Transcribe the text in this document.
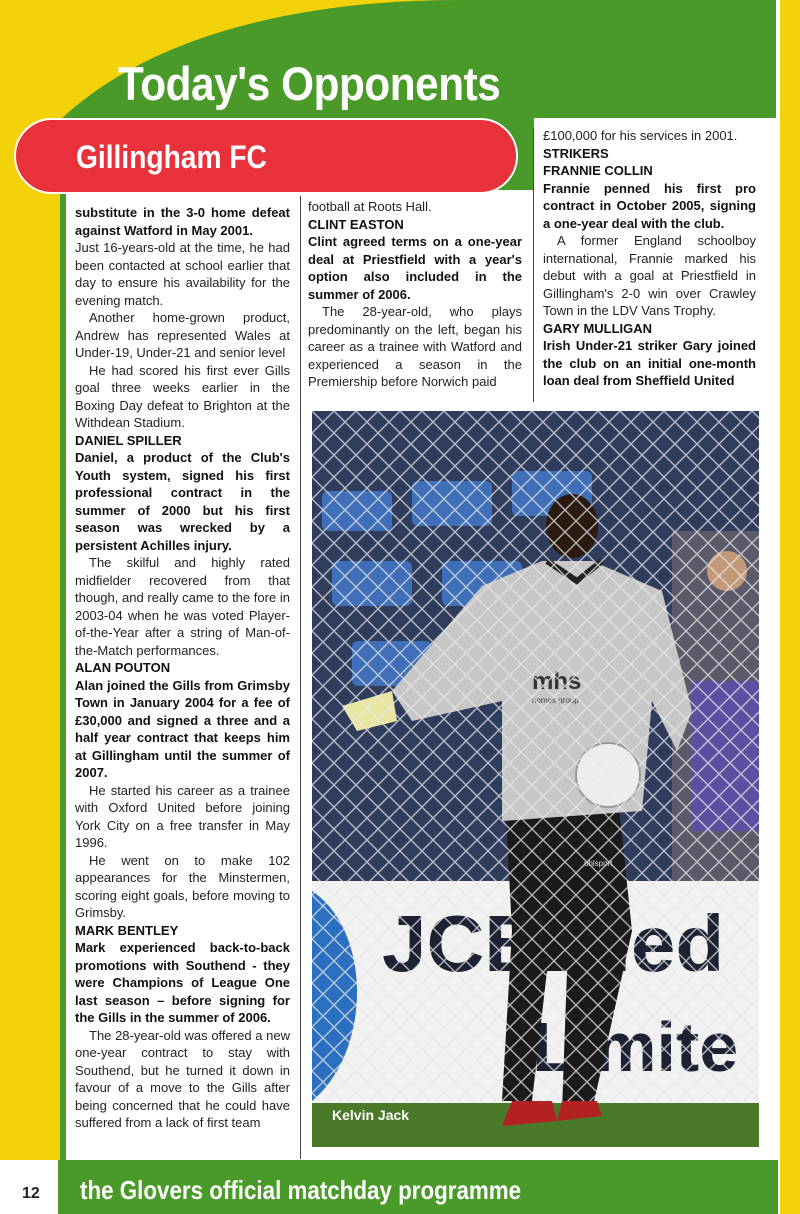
Today's Opponents
Gillingham FC

substitute in the 3-0 home defeat against Watford in May 2001.

Just 16-years-old at the time, he had been contacted at school earlier that day to ensure his availability for the evening match.

Another home-grown product, Andrew has represented Wales at Under-19, Under-21 and senior level

He had scored his first ever Gills goal three weeks earlier in the Boxing Day defeat to Brighton at the Withdean Stadium.

DANIEL SPILLER

Daniel, a product of the Club's Youth system, signed his first professional contract in the summer of 2000 but his first season was wrecked by a persistent Achilles injury.

The skilful and highly rated midfielder recovered from that though, and really came to the fore in 2003-04 when he was voted Player-of-the-Year after a string of Man-of-the-Match performances.

ALAN POUTON

Alan joined the Gills from Grimsby Town in January 2004 for a fee of £30,000 and signed a three and a half year contract that keeps him at Gillingham until the summer of 2007.

He started his career as a trainee with Oxford United before joining York City on a free transfer in May 1996.

He went on to make 102 appearances for the Minstermen, scoring eight goals, before moving to Grimsby.

MARK BENTLEY

Mark experienced back-to-back promotions with Southend - they were Champions of League One last season – before signing for the Gills in the summer of 2006.

The 28-year-old was offered a new one-year contract to stay with Southend, but he turned it down in favour of a move to the Gills after being concerned that he could have suffered from a lack of first team

football at Roots Hall.

CLINT EASTON

Clint agreed terms on a one-year deal at Priestfield with a year's option also included in the summer of 2006.

The 28-year-old, who plays predominantly on the left, began his career as a trainee with Watford and experienced a season in the Premiership before Norwich paid

£100,000 for his services in 2001.

STRIKERS

FRANNIE COLLIN

Frannie penned his first pro contract in October 2005, signing a one-year deal with the club.

A former England schoolboy international, Frannie marked his debut with a goal at Priestfield in Gillingham's 2-0 win over Crawley Town in the LDV Vans Trophy.

GARY MULLIGAN

Irish Under-21 striker Gary joined the club on an initial one-month loan deal from Sheffield United

Kelvin Jack

12 the Glovers official matchday programme
